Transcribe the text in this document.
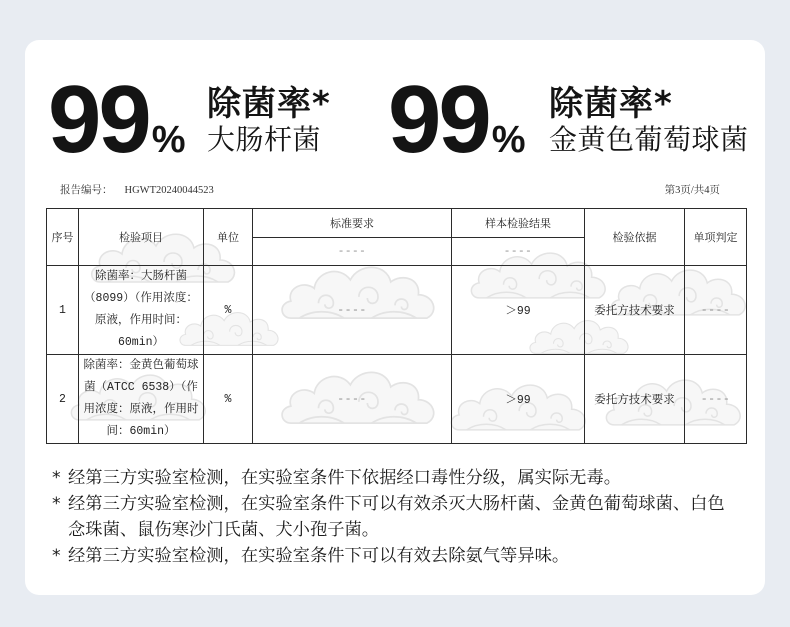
99 %
除菌率*
大肠杆菌 99 %
除菌率*
金黄色葡萄球菌
报告编号： HGWT20240044523	第3页/共4页
序号	检验项目	单位	标准要求	样本检验结果	检验依据	单项判定
			----	----		
1	除菌率：大肠杆菌
（8099）（作用浓度：
原液，作用时间：
60min）	%	----	＞99	委托方技术要求	----
2	除菌率：金黄色葡萄球
菌（ATCC 6538）（作
用浓度：原液，作用时
间：60min）	%	----	＞99	委托方技术要求	----
* 经第三方实验室检测，在实验室条件下依据经口毒性分级，属实际无毒。
* 经第三方实验室检测，在实验室条件下可以有效杀灭大肠杆菌、金黄色葡萄球菌、白色
念珠菌、鼠伤寒沙门氏菌、犬小孢子菌。
* 经第三方实验室检测，在实验室条件下可以有效去除氨气等异味。
